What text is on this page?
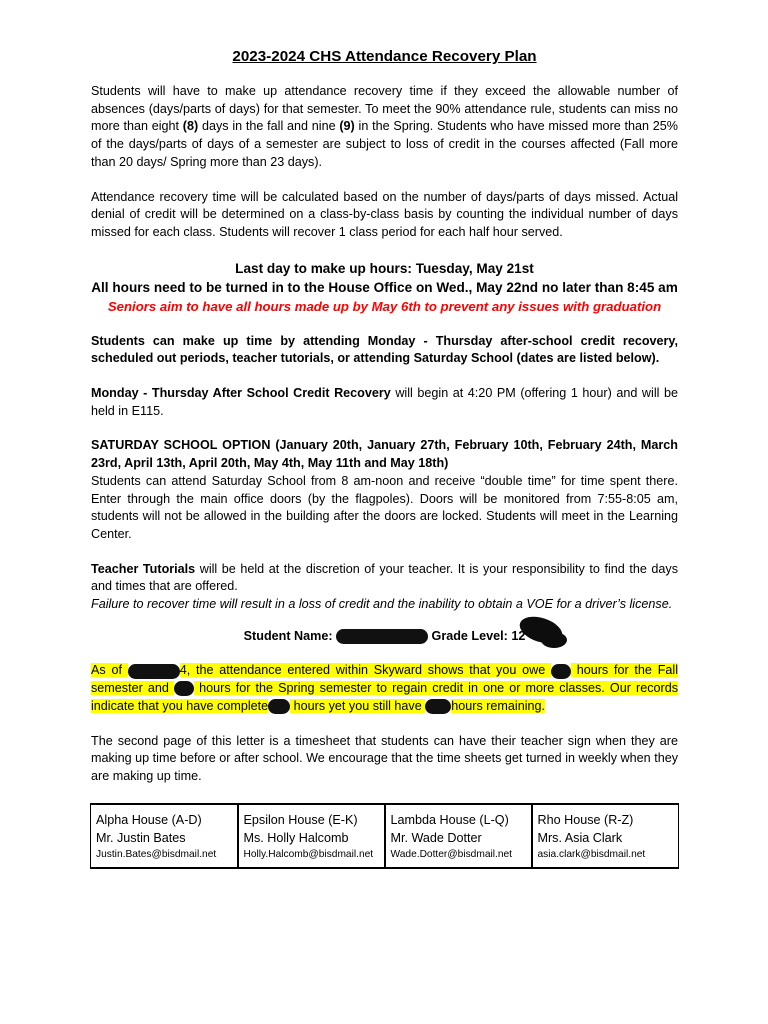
2023-2024 CHS Attendance Recovery Plan

Students will have to make up attendance recovery time if they exceed the allowable number of absences (days/parts of days) for that semester. To meet the 90% attendance rule, students can miss no more than eight (8) days in the fall and nine (9) in the Spring. Students who have missed more than 25% of the days/parts of days of a semester are subject to loss of credit in the courses affected (Fall more than 20 days/ Spring more than 23 days).

Attendance recovery time will be calculated based on the number of days/parts of days missed. Actual denial of credit will be determined on a class-by-class basis by counting the individual number of days missed for each class. Students will recover 1 class period for each half hour served.

Last day to make up hours: Tuesday, May 21st

All hours need to be turned in to the House Office on Wed., May 22nd no later than 8:45 am

Seniors aim to have all hours made up by May 6th to prevent any issues with graduation

Students can make up time by attending Monday - Thursday after-school credit recovery, scheduled out periods, teacher tutorials, or attending Saturday School (dates are listed below).

Monday - Thursday After School Credit Recovery will begin at 4:20 PM (offering 1 hour) and will be held in E115.

SATURDAY SCHOOL OPTION (January 20th, January 27th, February 10th, February 24th, March 23rd, April 13th, April 20th, May 4th, May 11th and May 18th)

Students can attend Saturday School from 8 am-noon and receive “double time” for time spent there. Enter through the main office doors (by the flagpoles). Doors will be monitored from 7:55-8:05 am, students will not be allowed in the building after the doors are locked. Students will meet in the Learning Center.

Teacher Tutorials will be held at the discretion of your teacher. It is your responsibility to find the days and times that are offered.

Failure to recover time will result in a loss of credit and the inability to obtain a VOE for a driver’s license.

Student Name:	Grade Level: 12

As of	4, the attendance entered within Skyward shows that you owe  hours for the Fall semester and  hours for the Spring semester to regain credit in one or more classes. Our records indicate that you have complete hours yet you still have hours remaining.

The second page of this letter is a timesheet that students can have their teacher sign when they are making up time before or after school. We encourage that the time sheets get turned in weekly when they are making up time.

Alpha House (A-D)
Mr. Justin Bates
Justin.Bates@bisdmail.net

Epsilon House (E-K)
Ms. Holly Halcomb
Holly.Halcomb@bisdmail.net

Lambda House (L-Q)
Mr. Wade Dotter
Wade.Dotter@bisdmail.net

Rho House (R-Z)
Mrs. Asia Clark
asia.clark@bisdmail.net
